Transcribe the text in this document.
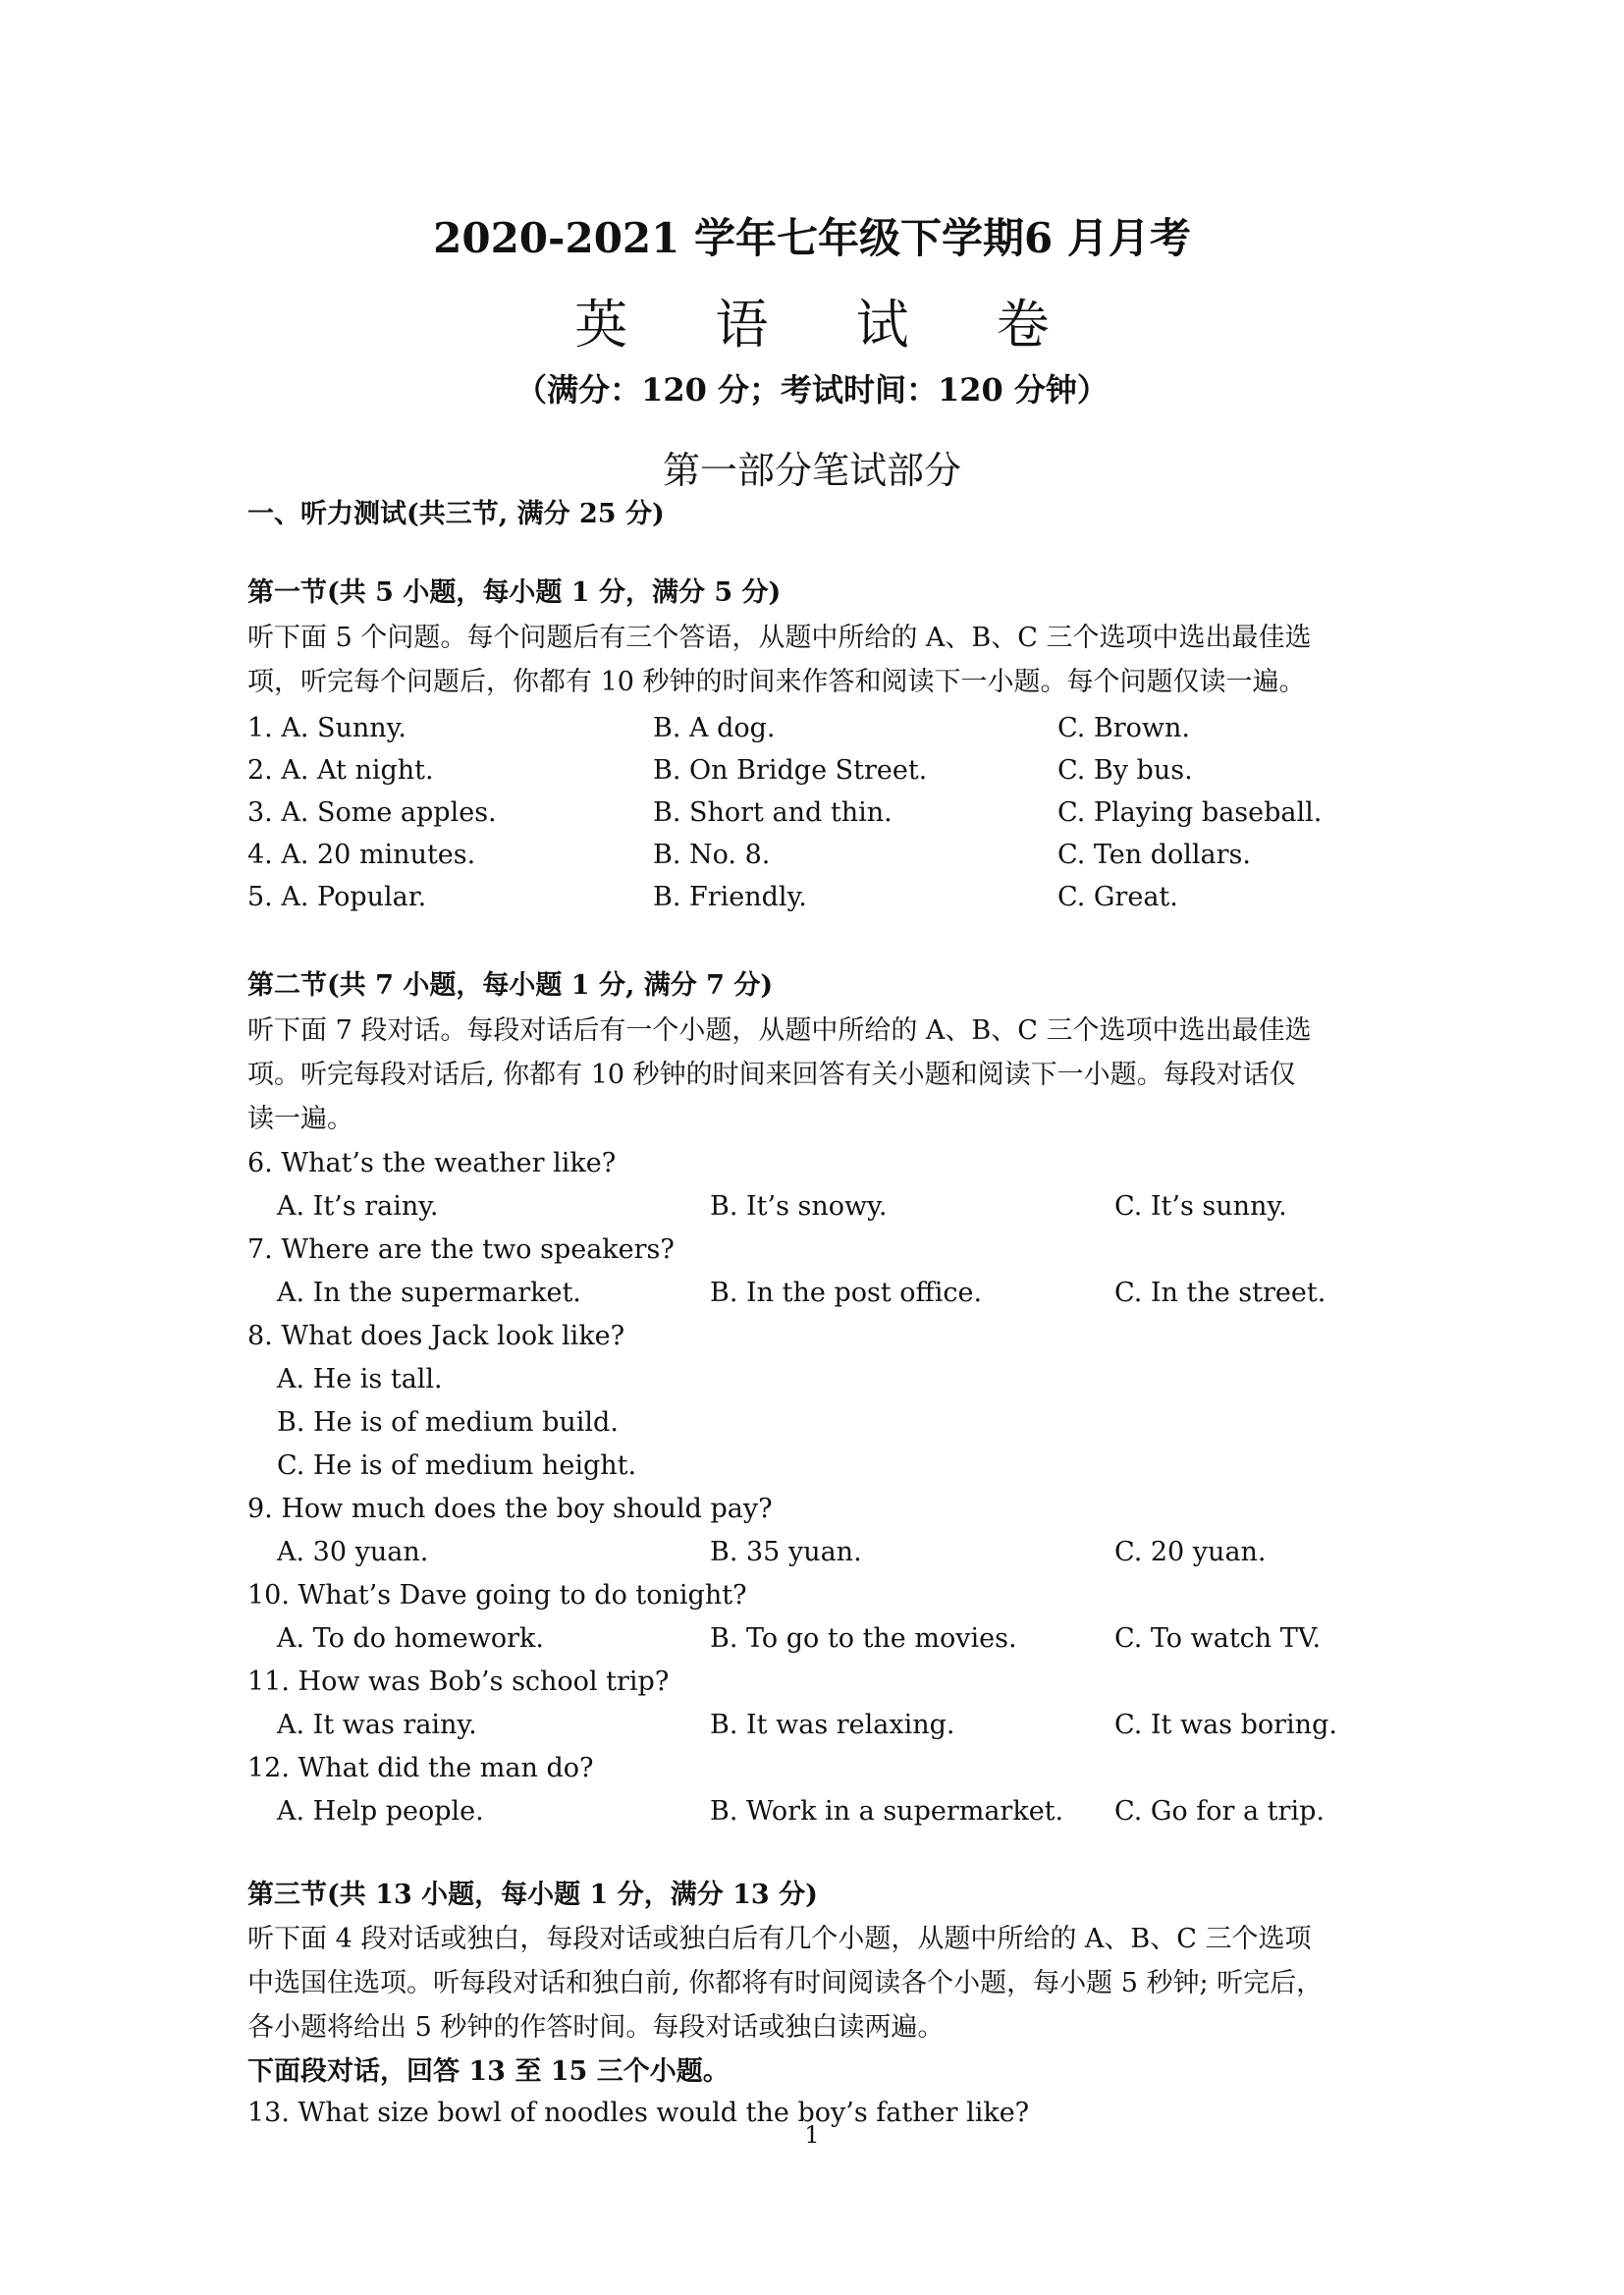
2020-2021 学年七年级下学期6 月月考
英 语 试 卷
（满分：120 分；考试时间：120 分钟）
第一部分笔试部分
一、听力测试(共三节, 满分 25 分)
第一节(共 5 小题，每小题 1 分，满分 5 分)
听下面 5 个问题。每个问题后有三个答语，从题中所给的 A、B、C 三个选项中选出最佳选
项，听完每个问题后，你都有 10 秒钟的时间来作答和阅读下一小题。每个问题仅读一遍。
1. A. Sunny.	B. A dog.	C. Brown.
2. A. At night.	B. On Bridge Street.	C. By bus.
3. A. Some apples.	B. Short and thin.	C. Playing baseball.
4. A. 20 minutes.	B. No. 8.	C. Ten dollars.
5. A. Popular.	B. Friendly.	C. Great.
第二节(共 7 小题，每小题 1 分, 满分 7 分)
听下面 7 段对话。每段对话后有一个小题，从题中所给的 A、B、C 三个选项中选出最佳选
项。听完每段对话后, 你都有 10 秒钟的时间来回答有关小题和阅读下一小题。每段对话仅
读一遍。
6. What’s the weather like?
A. It’s rainy.	B. It’s snowy.	C. It’s sunny.
7. Where are the two speakers?
A. In the supermarket.	B. In the post office.	C. In the street.
8. What does Jack look like?
A. He is tall.
B. He is of medium build.
C. He is of medium height.
9. How much does the boy should pay?
A. 30 yuan.	B. 35 yuan.	C. 20 yuan.
10. What’s Dave going to do tonight?
A. To do homework.	B. To go to the movies.	C. To watch TV.
11. How was Bob’s school trip?
A. It was rainy.	B. It was relaxing.	C. It was boring.
12. What did the man do?
A. Help people.	B. Work in a supermarket. C. Go for a trip.
第三节(共 13 小题，每小题 1 分，满分 13 分)
听下面 4 段对话或独白，每段对话或独白后有几个小题，从题中所给的 A、B、C 三个选项
中选国住选项。听每段对话和独白前, 你都将有时间阅读各个小题，每小题 5 秒钟; 听完后，
各小题将给出 5 秒钟的作答时间。每段对话或独白读两遍。
下面段对话，回答 13 至 15 三个小题。
13. What size bowl of noodles would the boy’s father like?
1
